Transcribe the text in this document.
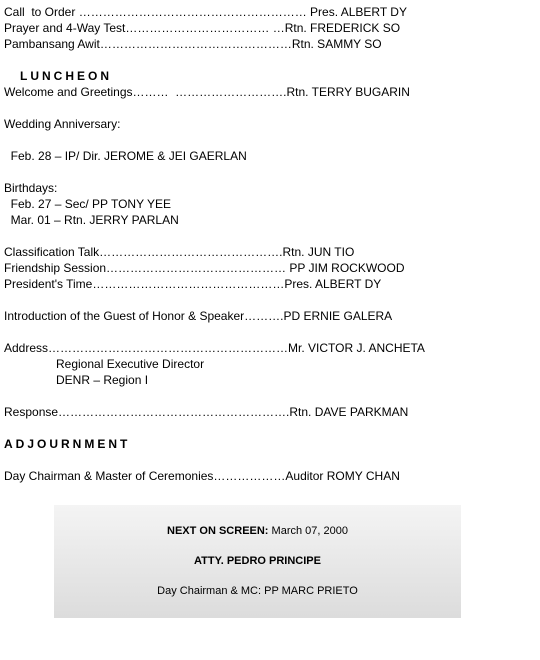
Call  to Order ………………………………………………… Pres. ALBERT DY
Prayer and 4-Way Test……………………………… …Rtn. FREDERICK SO
Pambansang Awit…………………………………………Rtn. SAMMY SO
LUNCHEON
Welcome and Greetings………  ……………………….Rtn. TERRY BUGARIN
Wedding Anniversary:
Feb. 28 – IP/ Dir. JEROME & JEI GAERLAN
Birthdays:
Feb. 27 – Sec/ PP TONY YEE
Mar. 01 – Rtn. JERRY PARLAN
Classification Talk……………………………………….Rtn. JUN TIO
Friendship Session……………………………………… PP JIM ROCKWOOD
President's Time…………………………………………Pres. ALBERT DY
Introduction of the Guest of Honor & Speaker……….PD ERNIE GALERA
Address……………………………………………………Mr. VICTOR J. ANCHETA
Regional Executive Director
DENR – Region I
Response………………………………………………….Rtn. DAVE PARKMAN
ADJOURNMENT
Day Chairman & Master of Ceremonies………………Auditor ROMY CHAN
NEXT ON SCREEN: March 07, 2000
ATTY. PEDRO PRINCIPE
Day Chairman & MC: PP MARC PRIETO
